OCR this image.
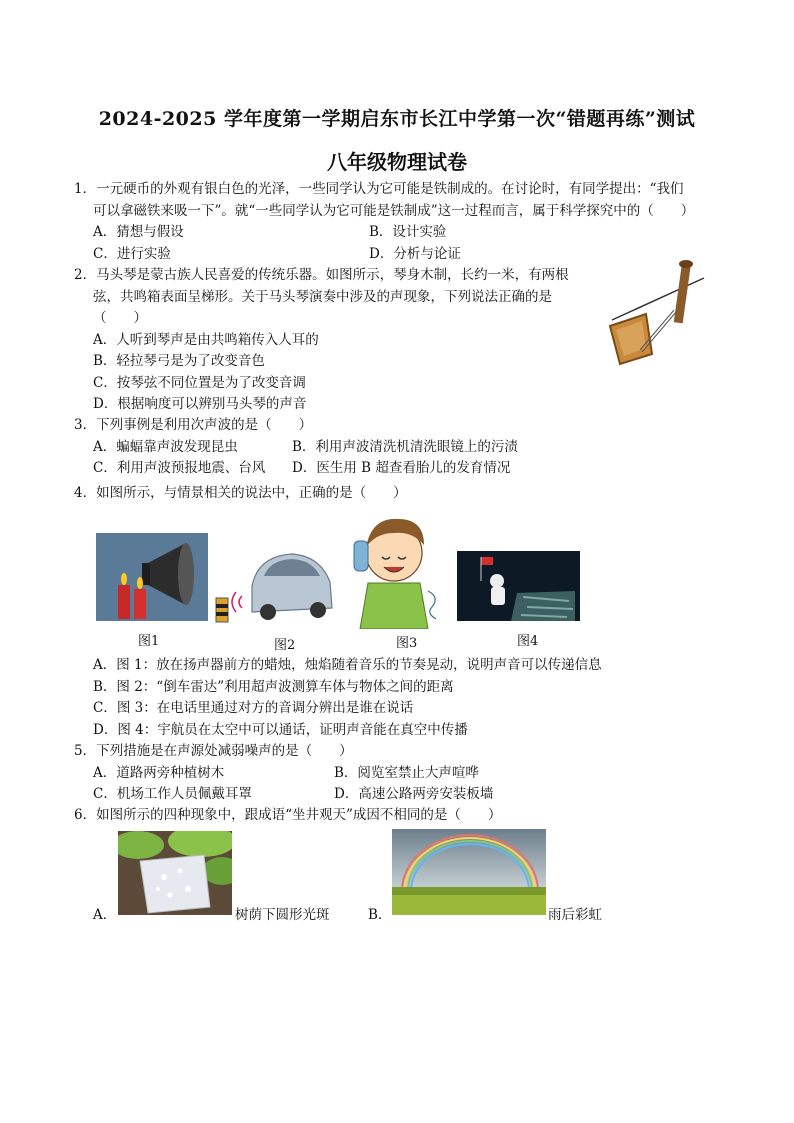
2024-2025 学年度第一学期启东市长江中学第一次“错题再练”测试
八年级物理试卷
1．一元硬币的外观有银白色的光泽，一些同学认为它可能是铁制成的。在讨论时，有同学提出：“我们
可以拿磁铁来吸一下”。就“一些同学认为它可能是铁制成”这一过程而言，属于科学探究中的（　　）
A．猜想与假设	B．设计实验
C．进行实验	D．分析与论证
2．马头琴是蒙古族人民喜爱的传统乐器。如图所示，琴身木制，长约一米，有两根
弦，共鸣箱表面呈梯形。关于马头琴演奏中涉及的声现象，下列说法正确的是
（　　）
A．人听到琴声是由共鸣箱传入人耳的
B．轻拉琴弓是为了改变音色
C．按琴弦不同位置是为了改变音调
D．根据响度可以辨别马头琴的声音
3．下列事例是利用次声波的是（　　）
A．蝙蝠靠声波发现昆虫	B．利用声波清洗机清洗眼镜上的污渍
C．利用声波预报地震、台风 D．医生用 B 超查看胎儿的发育情况
4．如图所示，与情景相关的说法中，正确的是（　　）
图1	图2	图3	图4
A．图 1：放在扬声器前方的蜡烛，烛焰随着音乐的节奏晃动，说明声音可以传递信息
B．图 2：“倒车雷达”利用超声波测算车体与物体之间的距离
C．图 3：在电话里通过对方的音调分辨出是谁在说话
D．图 4：宇航员在太空中可以通话，证明声音能在真空中传播
5．下列措施是在声源处减弱噪声的是（　　）
A．道路两旁种植树木	B．阅览室禁止大声喧哗
C．机场工作人员佩戴耳罩	D．高速公路两旁安装板墙
6．如图所示的四种现象中，跟成语“坐井观天”成因不相同的是（　　）
A．	树荫下圆形光斑	B．	雨后彩虹
